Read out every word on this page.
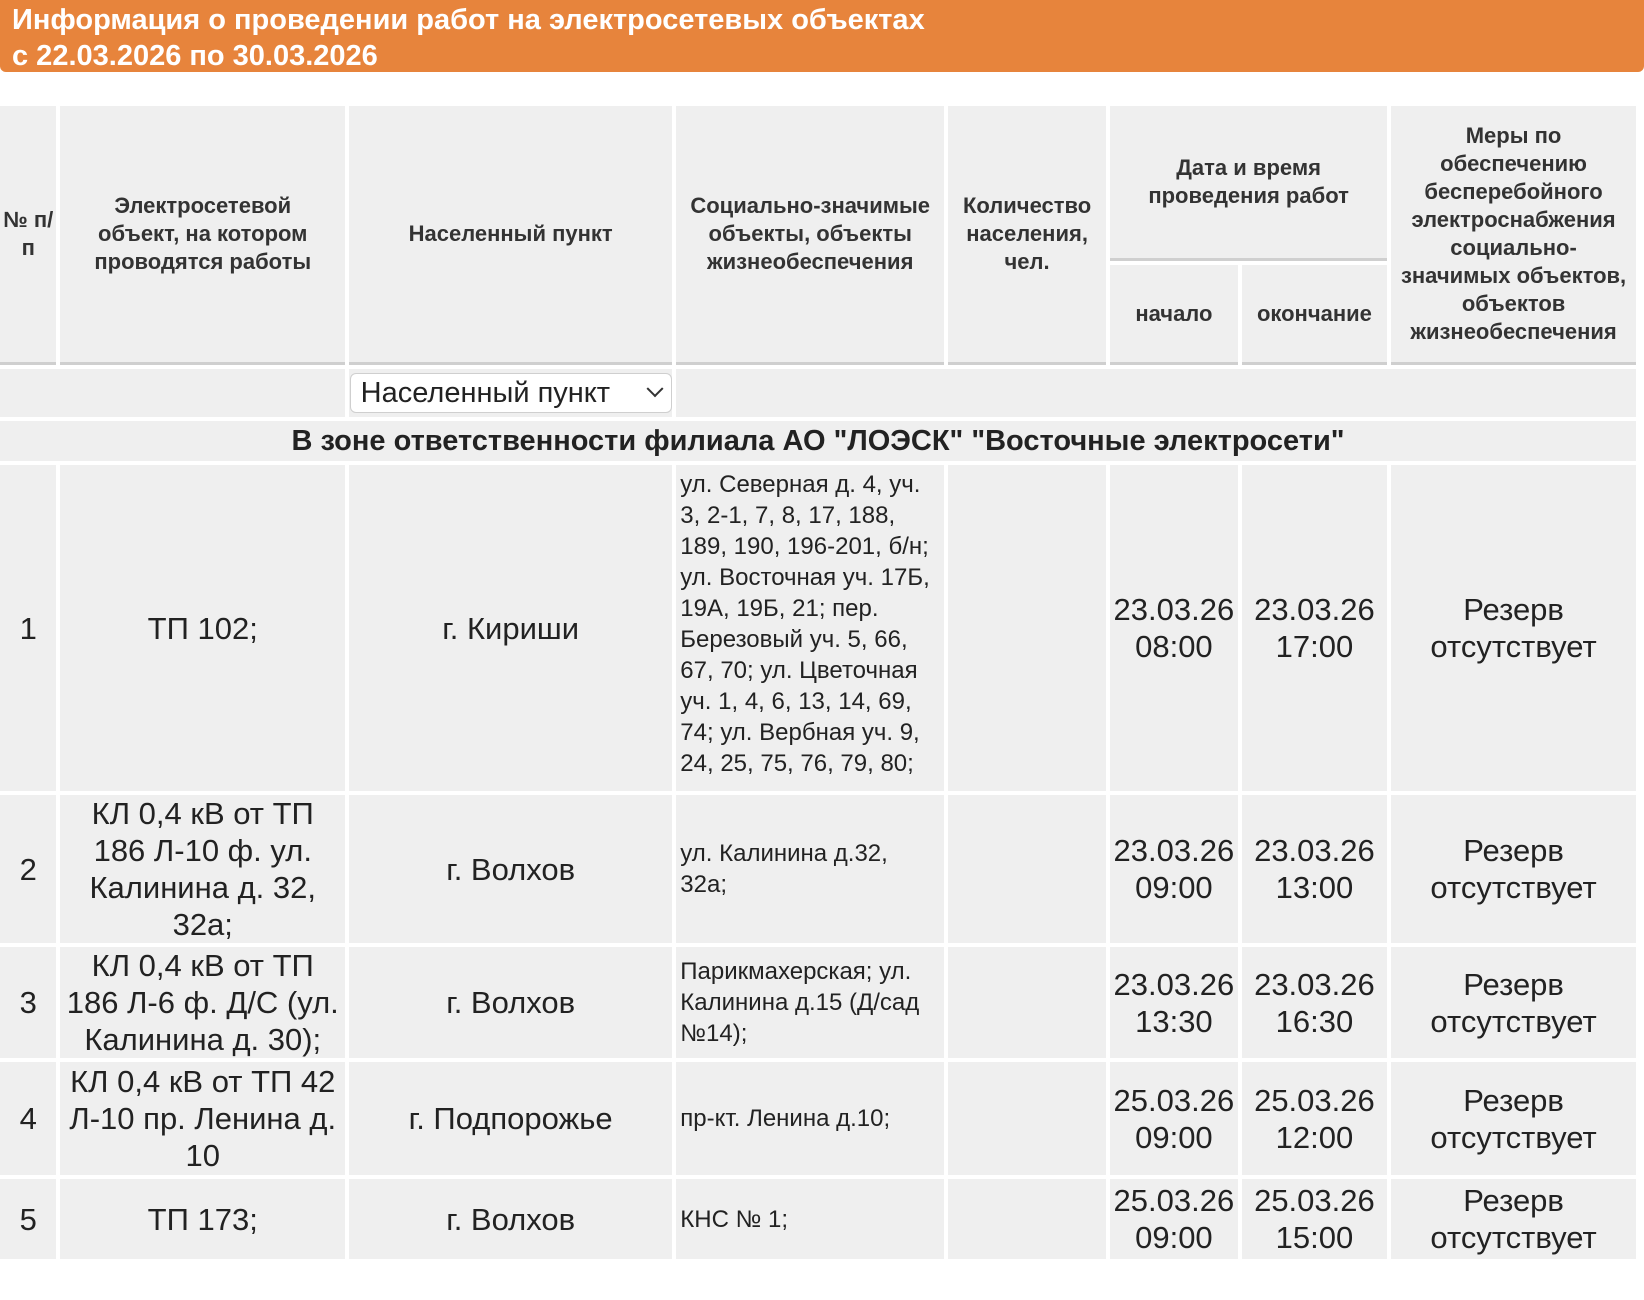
Информация о проведении работ на электросетевых объектах
с 22.03.2026 по 30.03.2026
№ п/п	Электросетевой объект, на котором проводятся работы	Населенный пункт	Социально-значимые объекты, объекты жизнеобеспечения	Количество населения, чел.	Дата и время проведения работ		Меры по обеспечению бесперебойного электроснабжения социально-значимых объектов, объектов жизнеобеспечения
					начало	окончание	

		Населенный пункт					

В зоне ответственности филиала АО "ЛОЭСК" "Восточные электросети"							
1	ТП 102;	г. Кириши	ул. Северная д. 4, уч. 3, 2-1, 7, 8, 17, 188, 189, 190, 196-201, б/н; ул. Восточная уч. 17Б, 19А, 19Б, 21; пер. Березовый уч. 5, 66, 67, 70; ул. Цветочная уч. 1, 4, 6, 13, 14, 69, 74; ул. Вербная уч. 9, 24, 25, 75, 76, 79, 80;		23.03.26 08:00	23.03.26 17:00	Резерв отсутствует
2	КЛ 0,4 кВ от ТП 186 Л-10 ф. ул. Калинина д. 32, 32а;	г. Волхов	ул. Калинина д.32, 32а;		23.03.26 09:00	23.03.26 13:00	Резерв отсутствует
3	КЛ 0,4 кВ от ТП 186 Л-6 ф. Д/С (ул. Калинина д. 30);	г. Волхов	Парикмахерская; ул. Калинина д.15 (Д/сад №14);		23.03.26 13:30	23.03.26 16:30	Резерв отсутствует
4	КЛ 0,4 кВ от ТП 42 Л-10 пр. Ленина д. 10	г. Подпорожье	пр-кт. Ленина д.10;		25.03.26 09:00	25.03.26 12:00	Резерв отсутствует
5	ТП 173;	г. Волхов	КНС № 1;		25.03.26 09:00	25.03.26 15:00	Резерв отсутствует
